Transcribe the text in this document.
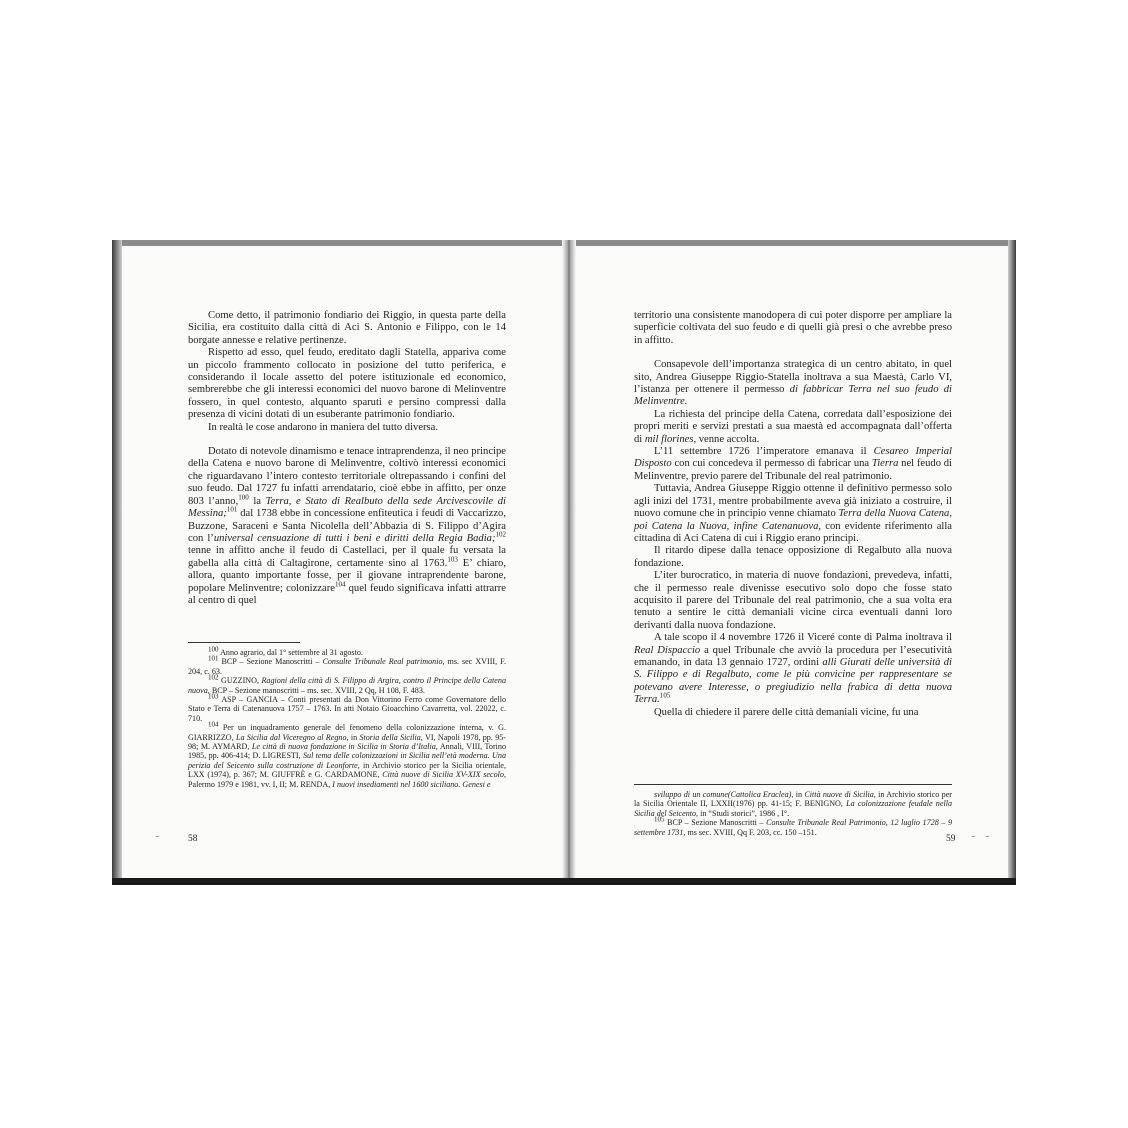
Come detto, il patrimonio fondiario dei Riggio, in questa parte della Sicilia, era costituito dalla città di Aci S. Antonio e Filippo, con le 14 borgate annesse e relative pertinenze.

Rispetto ad esso, quel feudo, ereditato dagli Statella, appariva come un piccolo frammento collocato in posizione del tutto periferica, e considerando il locale assetto del potere istituzionale ed economico, sembrerebbe che gli interessi economici del nuovo barone di Melinventre fossero, in quel contesto, alquanto sparuti e persino compressi dalla presenza di vicini dotati di un esuberante patrimonio fondiario.

In realtà le cose andarono in maniera del tutto diversa.

Dotato di notevole dinamismo e tenace intraprendenza, il neo principe della Catena e nuovo barone di Melinventre, coltivò interessi economici che riguardavano l’intero contesto territoriale oltrepassando i confini del suo feudo. Dal 1727 fu infatti arrendatario, cioè ebbe in affitto, per onze 803 l’anno,$^{100}$ la Terra, e Stato di Realbuto della sede Arcivescovile di Messina;$^{101}$ dal 1738 ebbe in concessione enfiteutica i feudi di Vaccarizzo, Buzzone, Saraceni e Santa Nicolella dell’Abbazia di S. Filippo d’Agira con l’universal censuazione di tutti i beni e diritti della Regia Badia;$^{102}$ tenne in affitto anche il feudo di Castellaci, per il quale fu versata la gabella alla città di Caltagirone, certamente sino al 1763.$^{103}$ E’ chiaro, allora, quanto importante fosse, per il giovane intraprendente barone, popolare Melinventre; colonizzare$^{104}$ quel feudo significava infatti attrarre al centro di quel

$^{100}$ Anno agrario, dal 1° settembre al 31 agosto.

$^{101}$ BCP – Sezione Manoscritti – Consulte Tribunale Real patrimonio, ms. sec XVIII, F. 204, c. 63.

$^{102}$ GUZZINO, Ragioni della città di S. Filippo di Argira, contro il Principe della Catena nuova, BCP – Sezione manoscritti – ms. sec. XVIII, 2 Qq, H 108, F. 483.

$^{103}$ ASP – GANCIA – Conti presentati da Don Vittorino Ferro come Governatore dello Stato e Terra di Catenanuova 1757 – 1763. In atti Notaio Gioacchino Cavarretta, vol. 22022, c. 710.

$^{104}$ Per un inquadramento generale del fenomeno della colonizzazione interna, v. G. GIARRIZZO, La Sicilia dal Viceregno al Regno, in Storia della Sicilia, VI, Napoli 1978, pp. 95-98; M. AYMARD, Le città di nuova fondazione in Sicilia in Storia d’Italia, Annali, VIII, Torino 1985, pp. 406-414; D. LIGRESTI, Sul tema delle colonizzazioni in Sicilia nell’età moderna. Una perizia del Seicento sulla costruzione di Leonforte, in Archivio storico per la Sicilia orientale, LXX (1974), p. 367; M. GIUFFRÈ e G. CARDAMONE, Città nuove di Sicilia XV-XIX secolo, Palermo 1979 e 1981, vv. I, II; M. RENDA, I nuovi insediamenti nel 1600 siciliano. Genesi e

58

territorio una consistente manodopera di cui poter disporre per ampliare la superficie coltivata del suo feudo e di quelli già presi o che avrebbe preso in affitto.

Consapevole dell’importanza strategica di un centro abitato, in quel sito, Andrea Giuseppe Riggio-Statella inoltrava a sua Maestà, Carlo VI, l’istanza per ottenere il permesso di fabbricar Terra nel suo feudo di Melinventre.

La richiesta del principe della Catena, corredata dall’esposizione dei propri meriti e servizi prestati a sua maestà ed accompagnata dall’offerta di mil florines, venne accolta.

L’11 settembre 1726 l’imperatore emanava il Cesareo Imperial Disposto con cui concedeva il permesso di fabricar una Tierra nel feudo di Melinventre, previo parere del Tribunale del real patrimonio.

Tuttavia, Andrea Giuseppe Riggio ottenne il definitivo permesso solo agli inizi del 1731, mentre probabilmente aveva già iniziato a costruire, il nuovo comune che in principio venne chiamato Terra della Nuova Catena, poi Catena la Nuova, infine Catenanuova, con evidente riferimento alla cittadina di Aci Catena di cui i Riggio erano principi.

Il ritardo dipese dalla tenace opposizione di Regalbuto alla nuova fondazione.

L’iter burocratico, in materia di nuove fondazioni, prevedeva, infatti, che il permesso reale divenisse esecutivo solo dopo che fosse stato acquisito il parere del Tribunale del real patrimonio, che a sua volta era tenuto a sentire le città demaniali vicine circa eventuali danni loro derivanti dalla nuova fondazione.

A tale scopo il 4 novembre 1726 il Viceré conte di Palma inoltrava il Real Dispaccio a quel Tribunale che avviò la procedura per l’esecutività emanando, in data 13 gennaio 1727, ordini alli Giurati delle università di S. Filippo e di Regalbuto, come le più convicine per rappresentare se potevano avere Interesse, o pregiudizio nella frabica di detta nuova Terra.$^{105}$

Quella di chiedere il parere delle città demaniali vicine, fu una

sviluppo di un comune(Cattolica Eraclea), in Città nuove di Sicilia, in Archivio storico per la Sicilia Orientale II, LXXII(1976) pp. 41-15; F. BENIGNO, La colonizzazione feudale nella Sicilia del Seicento, in “Studi storici”, 1986 , I°.

$^{105}$ BCP – Sezione Manoscritti – Consulte Tribunale Real Patrimonio, 12 luglio 1728 – 9 settembre 1731, ms sec. XVIII, Qq F. 203, cc. 150 –151.

59
